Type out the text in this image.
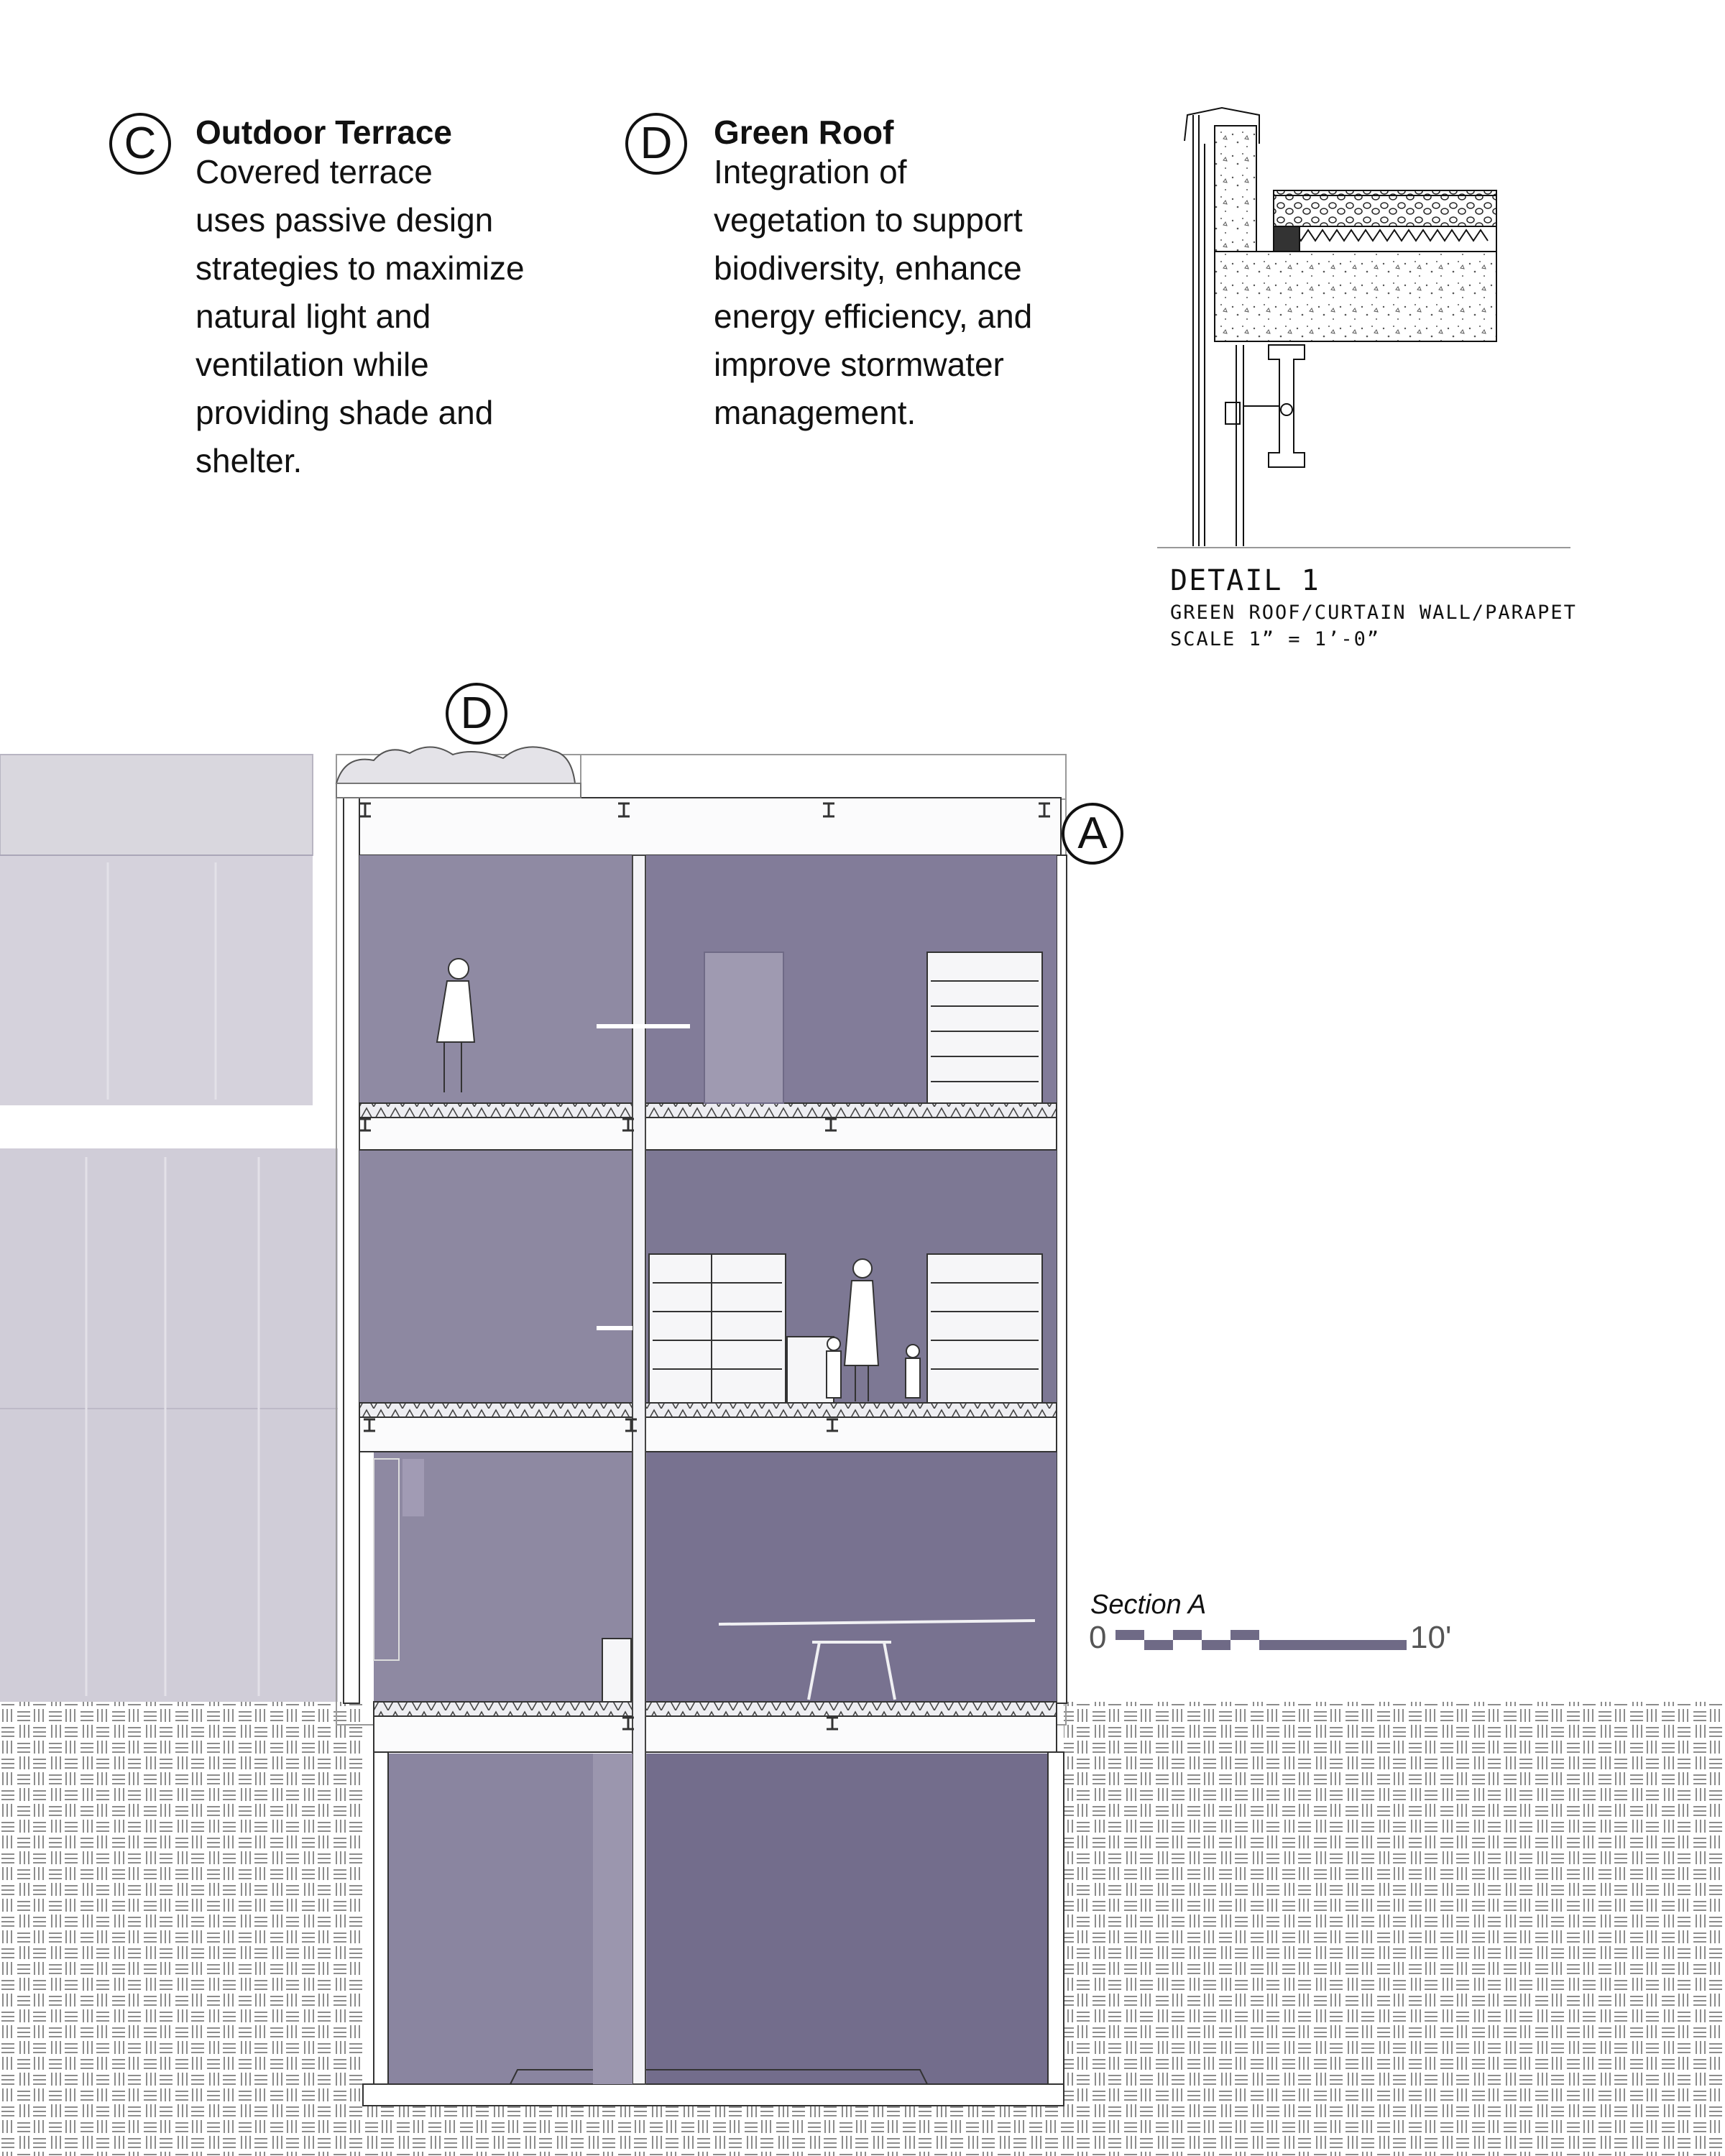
C	Outdoor Terrace
Covered terrace
uses passive design
strategies to maximize
natural light and
ventilation while
providing shade and
shelter.
D	Green Roof
Integration of
vegetation to support
biodiversity, enhance
energy efficiency, and
improve stormwater
management.
DETAIL 1
GREEN ROOF/CURTAIN WALL/PARAPET
SCALE 1” = 1’-0”
D
A
Section A
0	10'
